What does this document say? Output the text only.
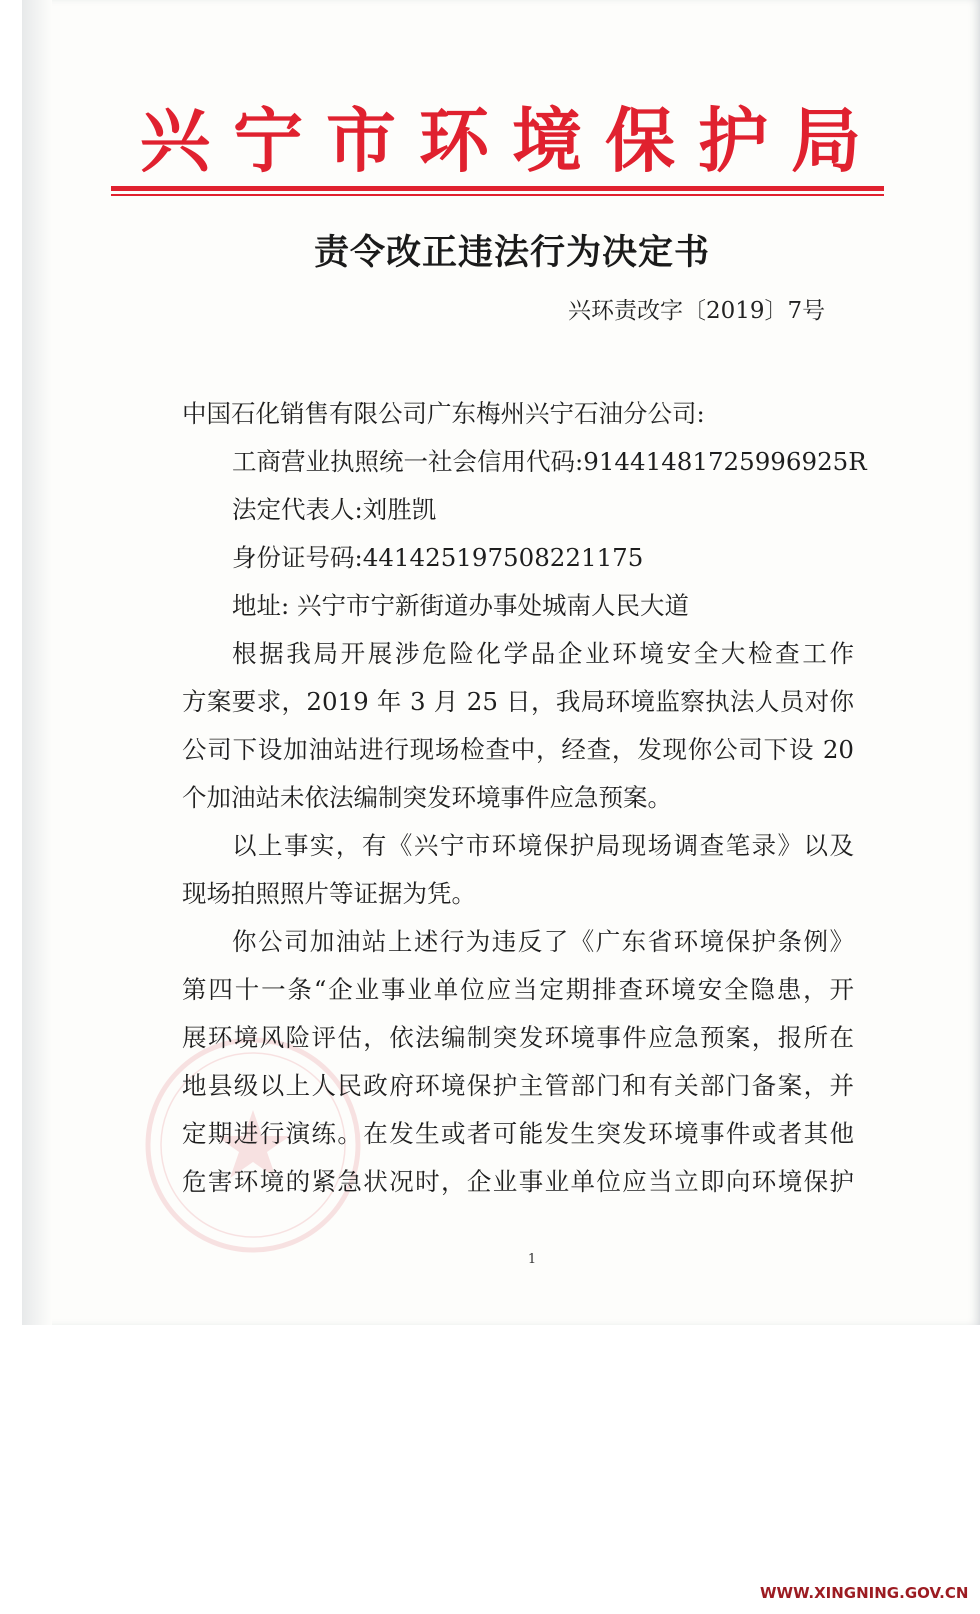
兴宁市环境保护局
责令改正违法行为决定书
兴环责改字〔2019〕7号
中国石化销售有限公司广东梅州兴宁石油分公司:
工商营业执照统一社会信用代码:91441481725996925R
法定代表人:刘胜凯
身份证号码:441425197508221175
地址: 兴宁市宁新街道办事处城南人民大道
根据我局开展涉危险化学品企业环境安全大检查工作
方案要求，2019 年 3 月 25 日，我局环境监察执法人员对你
公司下设加油站进行现场检查中，经查，发现你公司下设 20
个加油站未依法编制突发环境事件应急预案。
以上事实，有《兴宁市环境保护局现场调查笔录》以及
现场拍照照片等证据为凭。
你公司加油站上述行为违反了《广东省环境保护条例》
第四十一条“企业事业单位应当定期排查环境安全隐患，开
展环境风险评估，依法编制突发环境事件应急预案，报所在
地县级以上人民政府环境保护主管部门和有关部门备案，并
定期进行演练。在发生或者可能发生突发环境事件或者其他
危害环境的紧急状况时，企业事业单位应当立即向环境保护
1
WWW.XINGNING.GOV.CN
